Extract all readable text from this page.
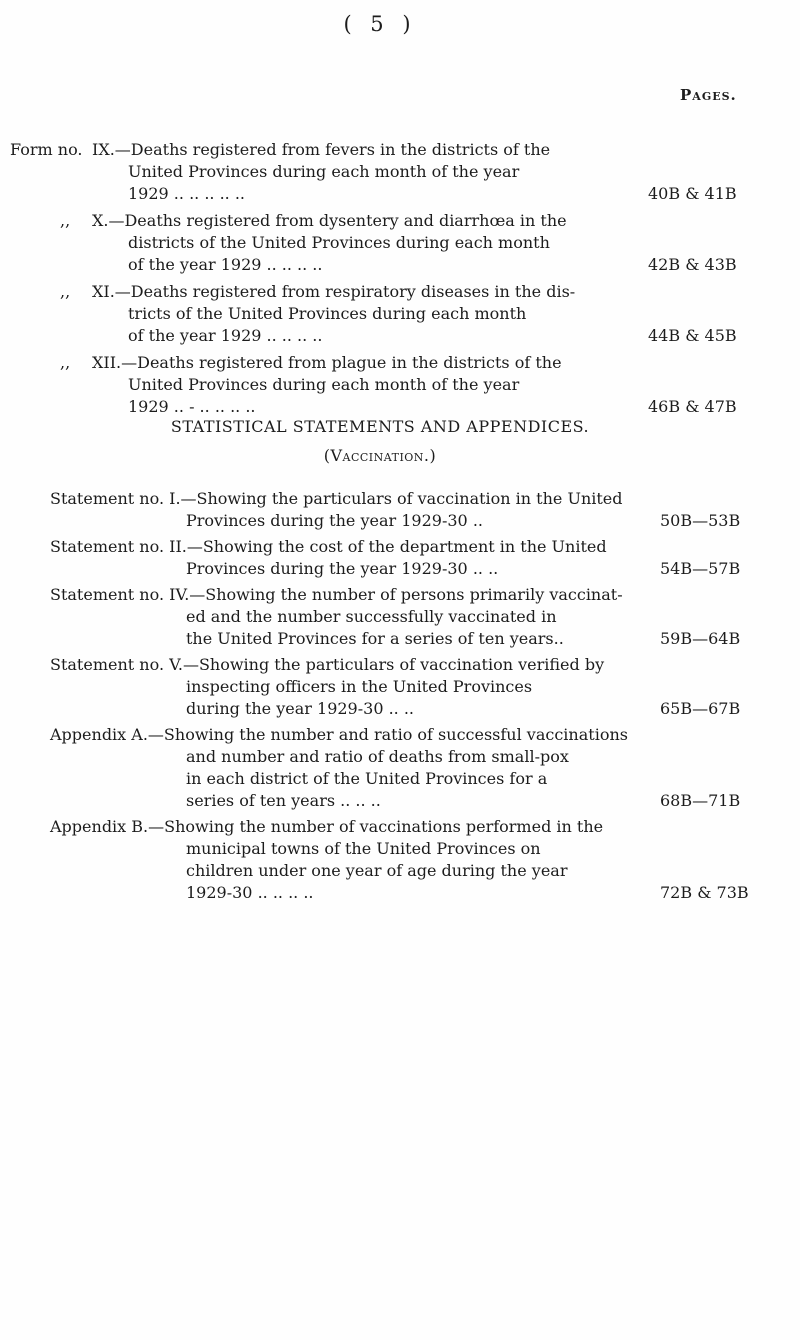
( 5 )
Pages.
Form no. IX.—Deaths registered from fevers in the districts of the
United Provinces during each month of the year
1929 .. .. .. .. ..	40B & 41B
,, X.—Deaths registered from dysentery and diarrhœa in the
districts of the United Provinces during each month
of the year 1929 .. .. .. ..	42B & 43B
,, XI.—Deaths registered from respiratory diseases in the dis-
tricts of the United Provinces during each month
of the year 1929 .. .. .. ..	44B & 45B
,, XII.—Deaths registered from plague in the districts of the
United Provinces during each month of the year
1929 .. - .. .. .. ..	46B & 47B
STATISTICAL STATEMENTS AND APPENDICES.
(Vaccination.)
Statement no. I.—Showing the particulars of vaccination in the United
Provinces during the year 1929-30 ..	50B—53B
Statement no. II.—Showing the cost of the department in the United
Provinces during the year 1929-30 .. ..	54B—57B
Statement no. IV.—Showing the number of persons primarily vaccinat-
ed and the number successfully vaccinated in
the United Provinces for a series of ten years..	59B—64B
Statement no. V.—Showing the particulars of vaccination verified by
inspecting officers in the United Provinces
during the year 1929-30 .. ..	65B—67B
Appendix A.—Showing the number and ratio of successful vaccinations
and number and ratio of deaths from small-pox
in each district of the United Provinces for a
series of ten years .. .. ..	68B—71B
Appendix B.—Showing the number of vaccinations performed in the
municipal towns of the United Provinces on
children under one year of age during the year
1929-30 .. .. .. ..	72B & 73B
